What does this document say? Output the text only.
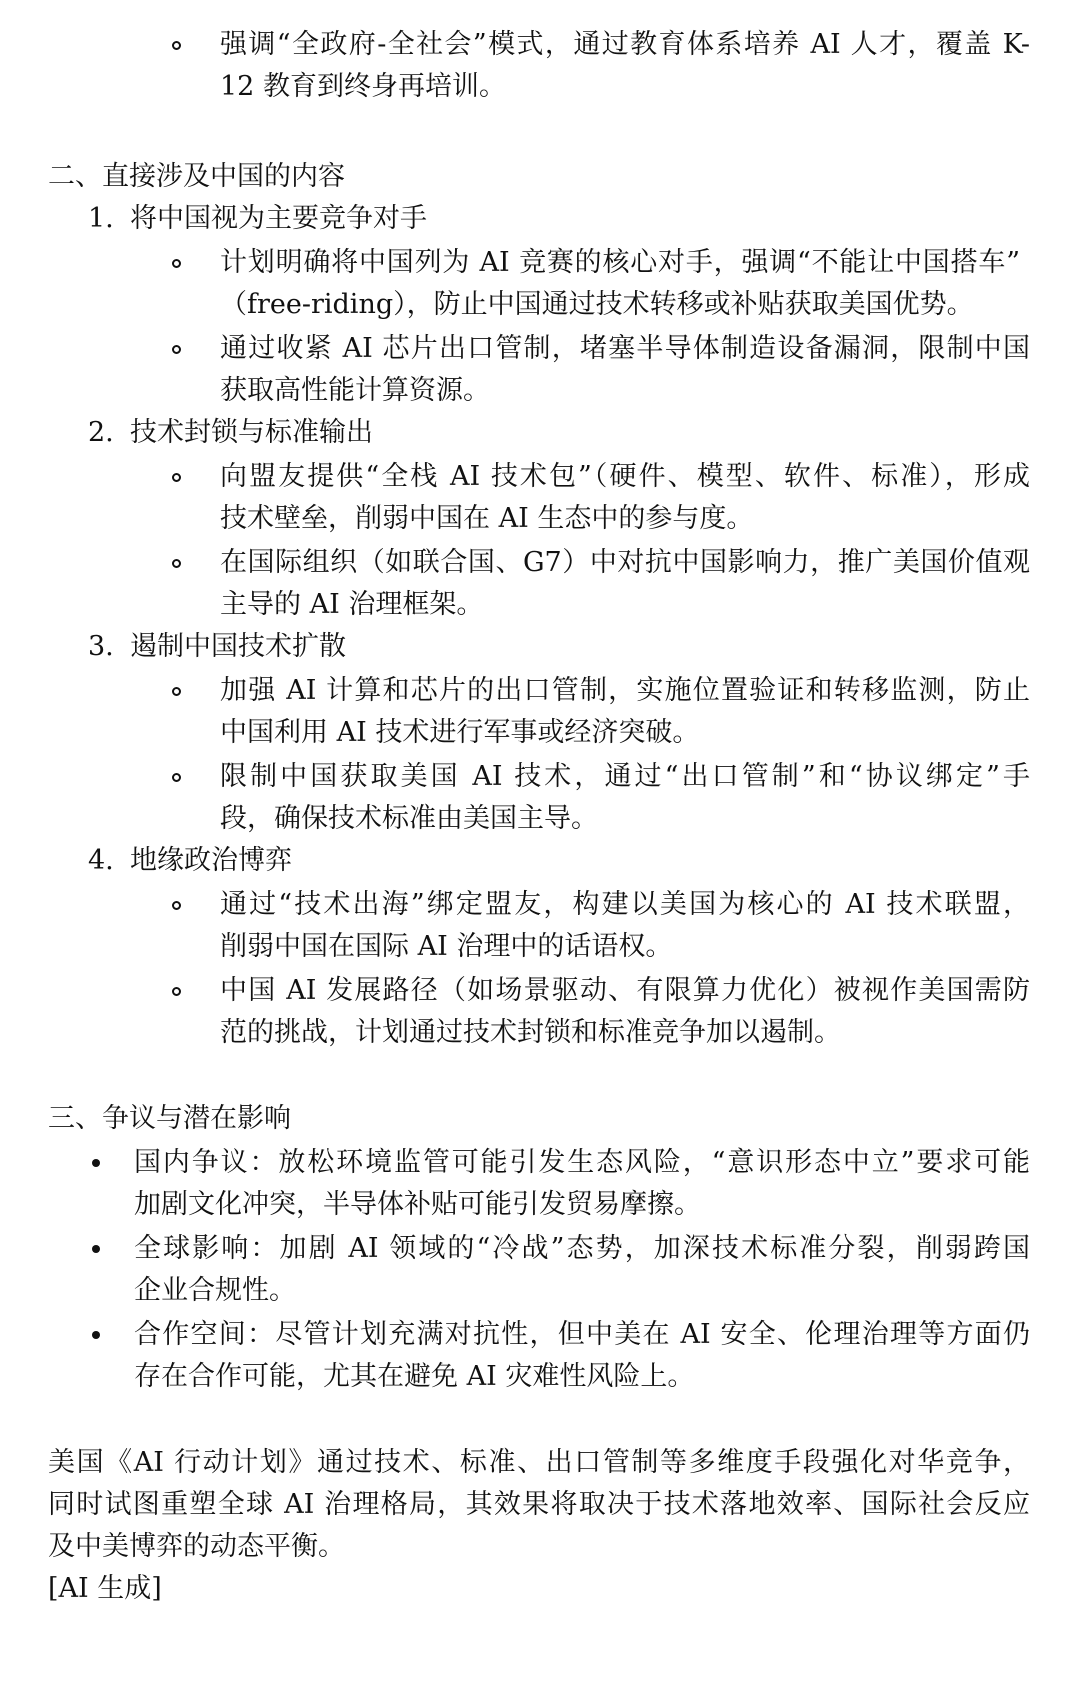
强调“全政府-全社会”模式，通过教育体系培养 AI 人才，覆盖 K-
12 教育到终身再培训。
二、直接涉及中国的内容
1. 将中国视为主要竞争对手
计划明确将中国列为 AI 竞赛的核心对手，强调“不能让中国搭车”
（free-riding），防止中国通过技术转移或补贴获取美国优势。
通过收紧 AI 芯片出口管制，堵塞半导体制造设备漏洞，限制中国
获取高性能计算资源。
2. 技术封锁与标准输出
向盟友提供“全栈 AI 技术包”（硬件、模型、软件、标准），形成
技术壁垒，削弱中国在 AI 生态中的参与度。
在国际组织（如联合国、G7）中对抗中国影响力，推广美国价值观
主导的 AI 治理框架。
3. 遏制中国技术扩散
加强 AI 计算和芯片的出口管制，实施位置验证和转移监测，防止
中国利用 AI 技术进行军事或经济突破。
限制中国获取美国 AI 技术，通过“出口管制”和“协议绑定”手
段，确保技术标准由美国主导。
4. 地缘政治博弈
通过“技术出海”绑定盟友，构建以美国为核心的 AI 技术联盟，
削弱中国在国际 AI 治理中的话语权。
中国 AI 发展路径（如场景驱动、有限算力优化）被视作美国需防
范的挑战，计划通过技术封锁和标准竞争加以遏制。
三、争议与潜在影响
国内争议：放松环境监管可能引发生态风险，“意识形态中立”要求可能
加剧文化冲突，半导体补贴可能引发贸易摩擦。
全球影响：加剧 AI 领域的“冷战”态势，加深技术标准分裂，削弱跨国
企业合规性。
合作空间：尽管计划充满对抗性，但中美在 AI 安全、伦理治理等方面仍
存在合作可能，尤其在避免 AI 灾难性风险上。
美国《AI 行动计划》通过技术、标准、出口管制等多维度手段强化对华竞争，
同时试图重塑全球 AI 治理格局，其效果将取决于技术落地效率、国际社会反应
及中美博弈的动态平衡。
[AI 生成]
